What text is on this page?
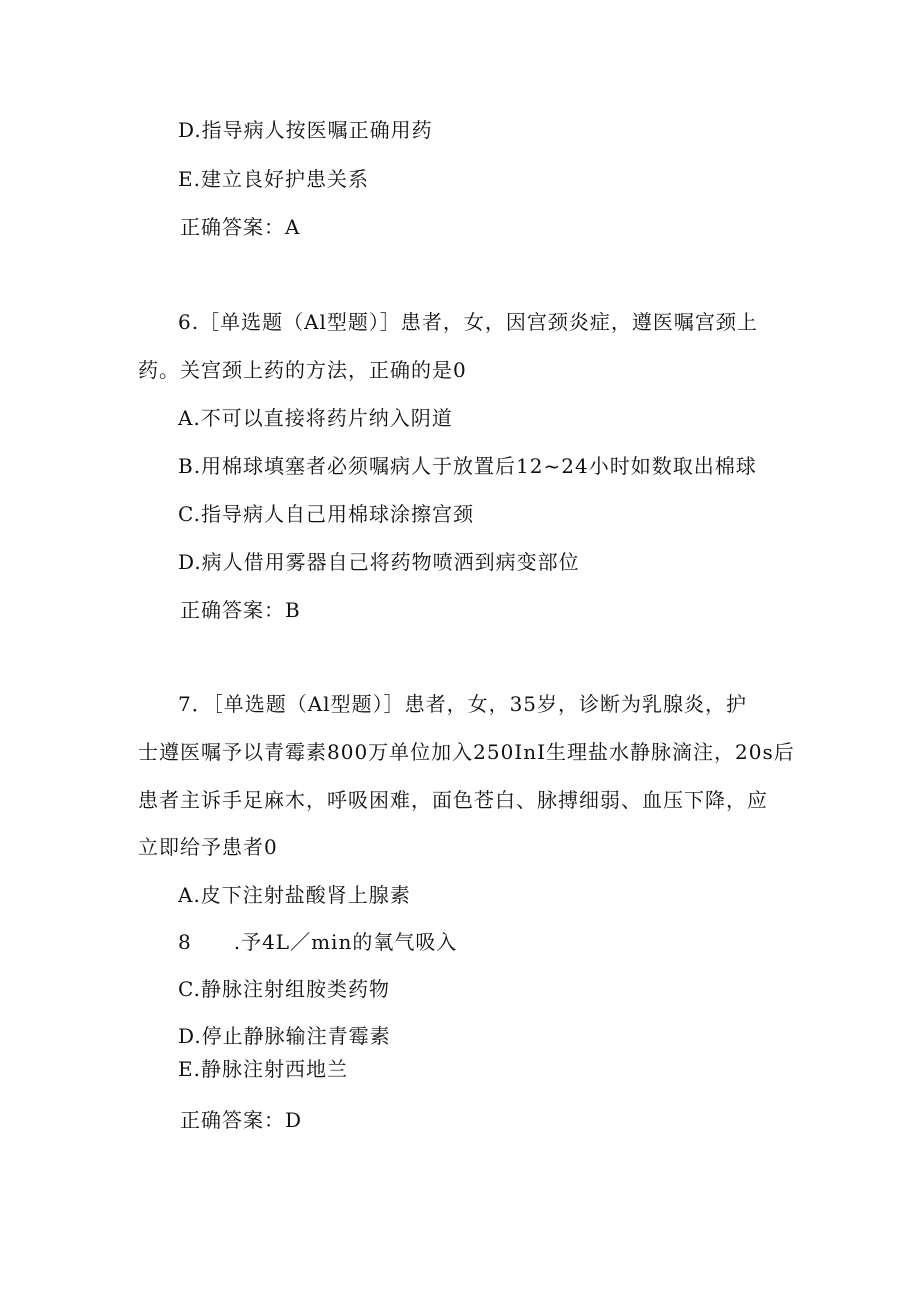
D.指导病人按医嘱正确用药
E.建立良好护患关系
正确答案：A
6.［单选题（Al型题）］患者，女，因宫颈炎症，遵医嘱宫颈上
药。关宫颈上药的方法，正确的是0
A.不可以直接将药片纳入阴道
B.用棉球填塞者必须嘱病人于放置后12~24小时如数取出棉球
C.指导病人自己用棉球涂擦宫颈
D.病人借用雾器自己将药物喷洒到病变部位
正确答案：B
7．［单选题（Al型题）］患者，女，35岁，诊断为乳腺炎，护
士遵医嘱予以青霉素800万单位加入250InI生理盐水静脉滴注，20s后
患者主诉手足麻木，呼吸困难，面色苍白、脉搏细弱、血压下降，应
立即给予患者0
A.皮下注射盐酸肾上腺素
8　　.予4L／min的氧气吸入
C.静脉注射组胺类药物
D.停止静脉输注青霉素
E.静脉注射西地兰
正确答案：D
